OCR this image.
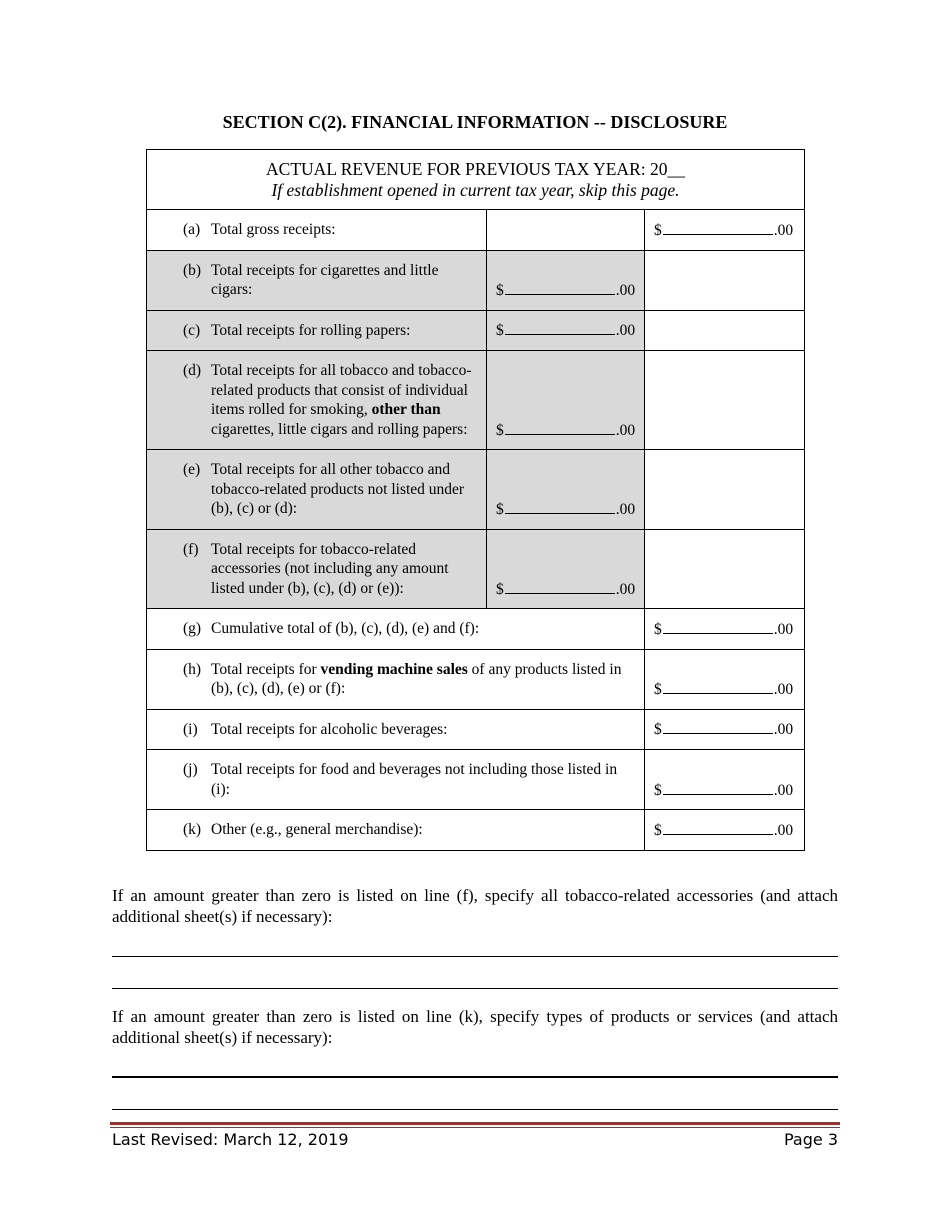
SECTION C(2). FINANCIAL INFORMATION -- DISCLOSURE
ACTUAL REVENUE FOR PREVIOUS TAX YEAR: 20__
If establishment opened in current tax year, skip this page.		

(a) Total gross receipts:		$ .00

(b) Total receipts for cigarettes and little cigars:	$ .00	

(c) Total receipts for rolling papers:	$ .00	

(d) Total receipts for all tobacco and tobacco-related products that consist of individual items rolled for smoking, other than cigarettes, little cigars and rolling papers:	$ .00	

(e) Total receipts for all other tobacco and tobacco-related products not listed under (b), (c) or (d):	$ .00	

(f) Total receipts for tobacco-related accessories (not including any amount listed under (b), (c), (d) or (e)):	$ .00	

(g) Cumulative total of (b), (c), (d), (e) and (f):		$ .00

(h) Total receipts for vending machine sales of any products listed in (b), (c), (d), (e) or (f):		$ .00

(i) Total receipts for alcoholic beverages:		$ .00

(j) Total receipts for food and beverages not including those listed in (i):		$ .00

(k) Other (e.g., general merchandise):		$ .00
If an amount greater than zero is listed on line (f), specify all tobacco-related accessories (and attach additional sheet(s) if necessary):
If an amount greater than zero is listed on line (k), specify types of products or services (and attach additional sheet(s) if necessary):
Last Revised: March 12, 2019	Page 3
